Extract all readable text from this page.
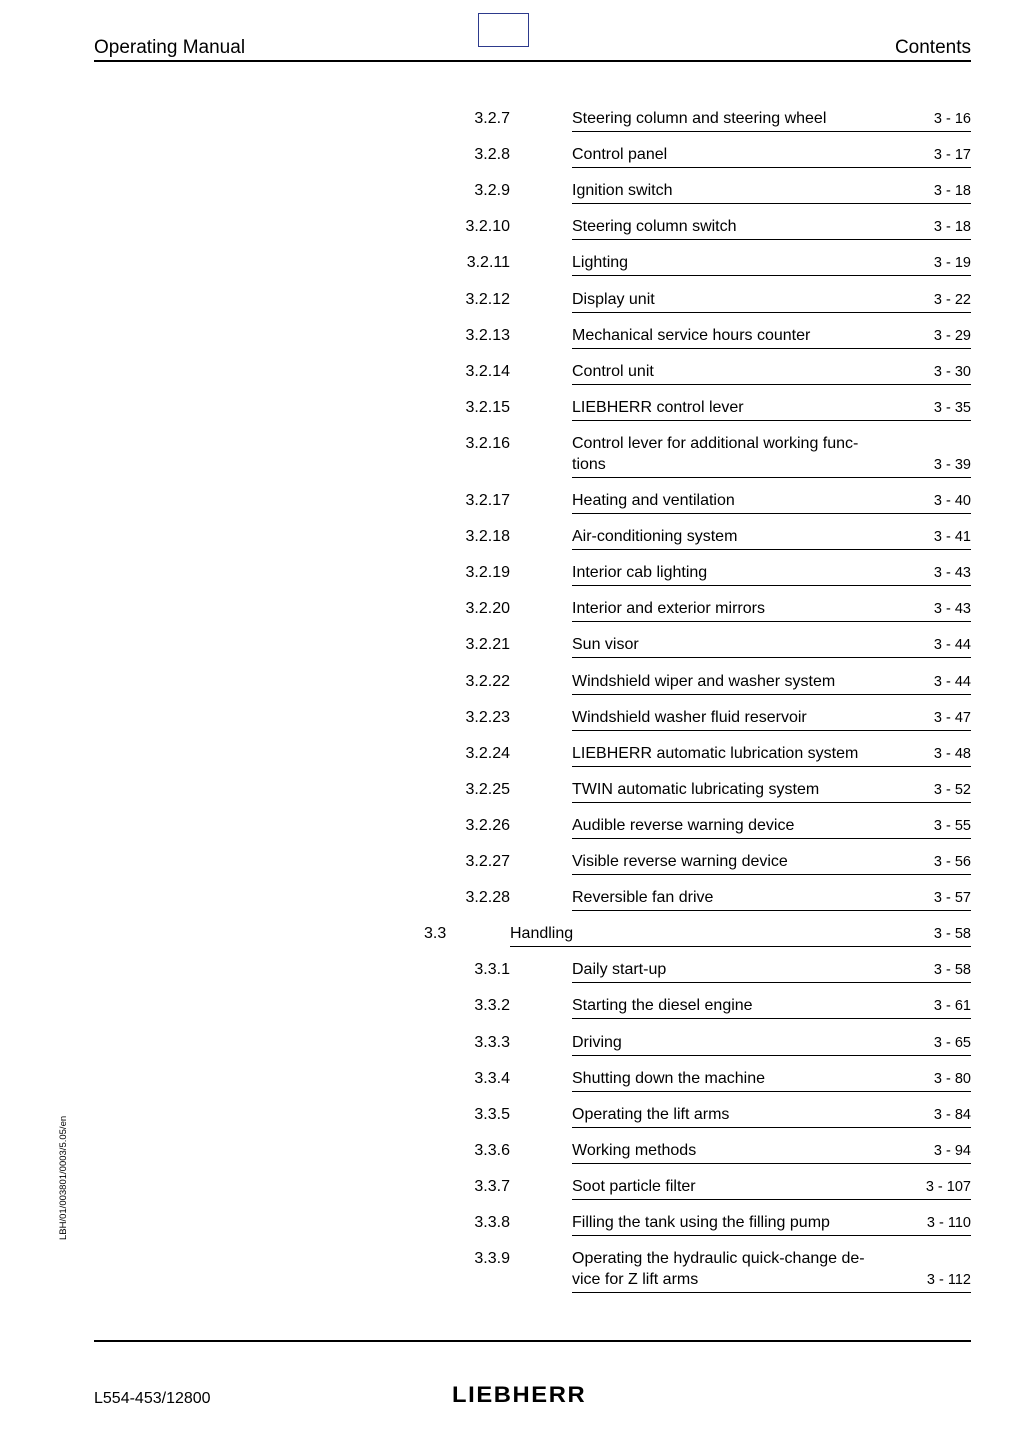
Operating Manual	Contents
3.2.7	Steering column and steering wheel	3 - 16
3.2.8	Control panel	3 - 17
3.2.9	Ignition switch	3 - 18
3.2.10	Steering column switch	3 - 18
3.2.11	Lighting	3 - 19
3.2.12	Display unit	3 - 22
3.2.13	Mechanical service hours counter	3 - 29
3.2.14	Control unit	3 - 30
3.2.15	LIEBHERR control lever	3 - 35
3.2.16	Control lever for additional working func-
tions	3 - 39
3.2.17	Heating and ventilation	3 - 40
3.2.18	Air-conditioning system	3 - 41
3.2.19	Interior cab lighting	3 - 43
3.2.20	Interior and exterior mirrors	3 - 43
3.2.21	Sun visor	3 - 44
3.2.22	Windshield wiper and washer system	3 - 44
3.2.23	Windshield washer fluid reservoir	3 - 47
3.2.24	LIEBHERR automatic lubrication system	3 - 48
3.2.25	TWIN automatic lubricating system	3 - 52
3.2.26	Audible reverse warning device	3 - 55
3.2.27	Visible reverse warning device	3 - 56
3.2.28	Reversible fan drive	3 - 57
3.3	Handling	3 - 58
3.3.1	Daily start-up	3 - 58
3.3.2	Starting the diesel engine	3 - 61
3.3.3	Driving	3 - 65
3.3.4	Shutting down the machine	3 - 80
3.3.5	Operating the lift arms	3 - 84
3.3.6	Working methods	3 - 94
3.3.7	Soot particle filter	3 - 107
3.3.8	Filling the tank using the filling pump	3 - 110
3.3.9	Operating the hydraulic quick-change de-
vice for Z lift arms	3 - 112
LBH/01/003801/0003/5.05/en
L554-453/12800	LIEBHERR
